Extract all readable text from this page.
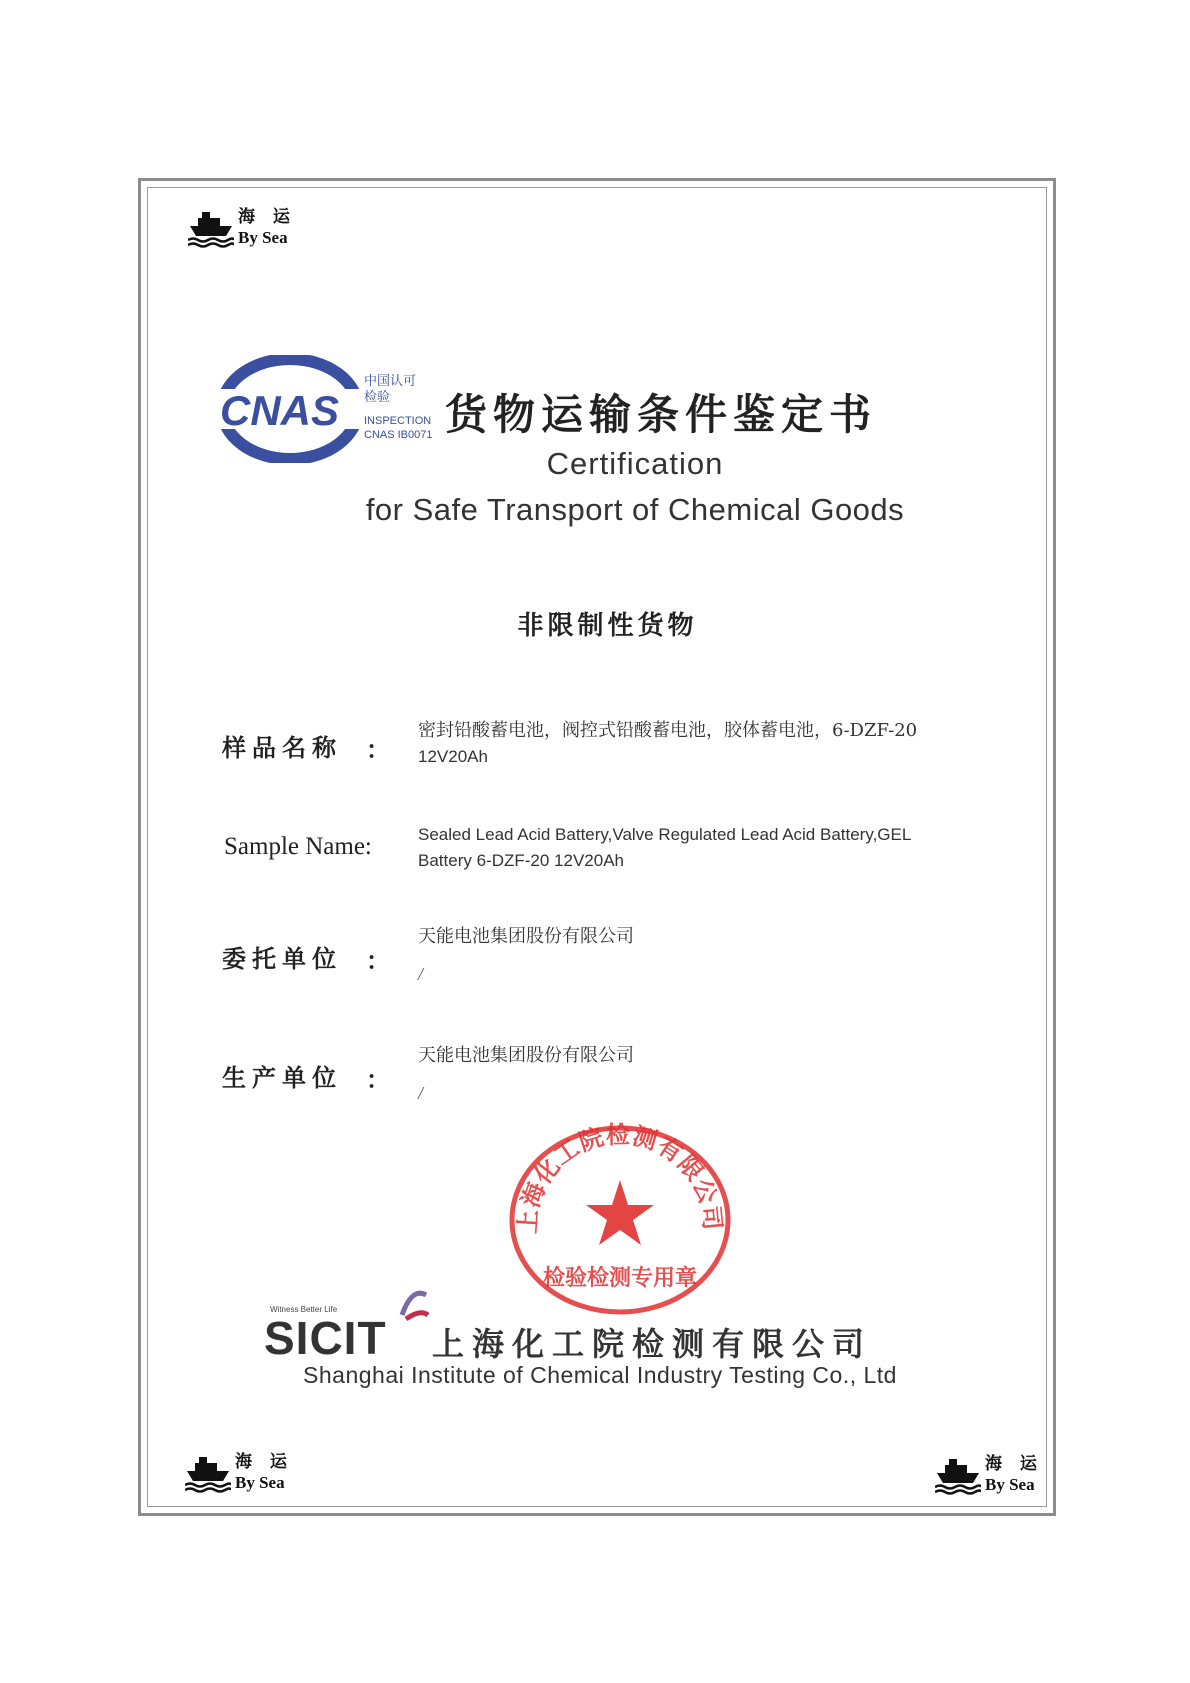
海 运
By Sea
CNAS
中国认可
检验
INSPECTION
CNAS IB0071 货物运输条件鉴定书
Certification
for Safe Transport of Chemical Goods
非限制性货物
样品名称 ：
密封铅酸蓄电池，阀控式铅酸蓄电池，胶体蓄电池，6-DZF-20
12V20Ah
Sample Name:	Sealed Lead Acid Battery,Valve Regulated Lead Acid Battery,GEL
Battery 6-DZF-20 12V20Ah
委托单位 ：
天能电池集团股份有限公司
/
生产单位 ：
天能电池集团股份有限公司
/
上海化工院检测有限公司
检验检测专用章
Witness Better Life
SICIT 上海化工院检测有限公司
Shanghai Institute of Chemical Industry Testing Co., Ltd
海 运
By Sea
海 运
By Sea
